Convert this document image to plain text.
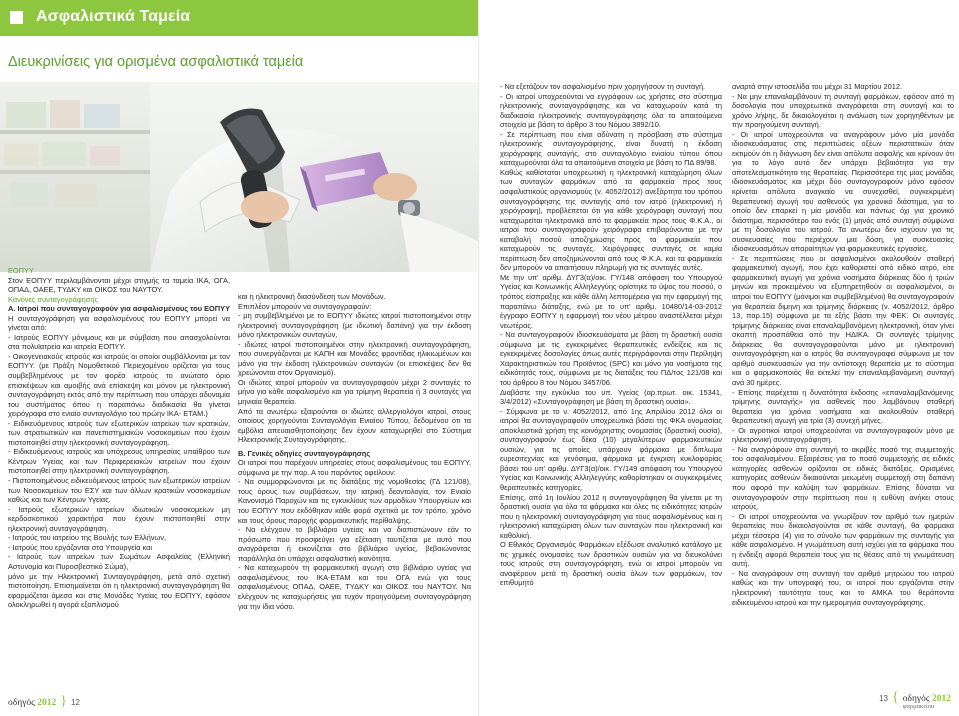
Ασφαλιστικά Ταμεία
Διευκρινίσεις για ορισμένα ασφαλιστικά ταμεία

ΕΟΠΥΥ

Στον ΕΟΠΥΥ περιλαμβάνονται μέχρι στιγμής τα ταμεία ΙΚΑ, ΟΓΑ, ΟΠΑΔ, ΟΑΕΕ, ΤΥΔΚΥ και ΟΙΚΟΣ του ΝΑΥΤΟΥ.

Κανόνες συνταγογράφησης

Α. Ιατροί που συνταγογραφούν για ασφαλισμένους του ΕΟΠΥΥ

Η συνταγογράφηση για ασφαλισμένους του ΕΟΠΥΥ μπορεί να γίνεται από:

- Ιατρούς ΕΟΠΥΥ μόνιμους και με σύμβαση που απασχολούνται στα πολυϊατρεία και ιατρεία ΕΟΠΥΥ.

- Οικογενειακούς ιατρούς και ιατρούς οι οποίοι συμβάλλονται με τον ΕΟΠΥΥ. (με Πράξη Νομοθετικού Περιεχομένου ορίζεται για τους συμβεβλημένους με τον φορέα ιατρούς το ανώτατο όριο επισκέψεων και αμοιβής ανά επίσκεψη και μόνον με ηλεκτρονική συνταγογράφηση εκτός από την περίπτωση που υπάρχει αδυναμία του συστήματος όπου η παραπάνω διαδικασία θα γίνεται χειρόγραφα στο ενιαίο συνταγολόγιο του πρώην ΙΚΑ- ΕΤΑΜ.)

- Ειδικευόμενους ιατρούς των εξωτερικών ιατρείων των κρατικών, των στρατιωτικών και πανεπιστημιακών νοσοκομείων που έχουν πιστοποιηθεί στην ηλεκτρονική συνταγογράφηση.

- Ειδικευόμενους ιατρούς και υπόχρεους υπηρεσίας υπαίθρου των Κέντρων Υγείας και των Περιφερειακών ιατρείων που έχουν πιστοποιηθεί στην ηλεκτρονική συνταγογράφηση.

- Πιστοποιημένους ειδικευόμενους ιατρούς των εξωτερικών ιατρείων των Νοσοκομείων του ΕΣΥ και των άλλων κρατικών νοσοκομείων καθώς και των Κέντρων Υγείας.

- Ιατρούς εξωτερικών ιατρείων ιδιωτικών νοσοκομείων μη κερδοσκοπικού χαρακτήρα που έχουν πιστοποιηθεί στην ηλεκτρονική συνταγογράφηση.

- Ιατρούς του ιατρείου της Βουλής των Ελλήνων,

- Ιατρούς που εργάζονται στα Υπουργεία και

- Ιατρούς των ιατρείων των Σωμάτων Ασφαλείας (Ελληνική Αστυνομία και Πυροσβεστικό Σώμα),

μόνο με την Ηλεκτρονική Συνταγογράφηση, μετά από σχετική πιστοποίηση. Επισημαίνεται ότι η ηλεκτρονική συνταγογράφηση θα εφαρμόζεται άμεσα και στις Μονάδες Υγείας του ΕΟΠΥΥ, εφόσον ολοκληρωθεί η αγορά εξοπλισμού

και η ηλεκτρονική διασύνδεση των Μονάδων.

Επιπλέον μπορούν να συνταγογραφούν:

- μη συμβεβλημένοι με το ΕΟΠΥΥ ιδιώτες ιατροί πιστοποιημένοι στην ηλεκτρονική συνταγογράφηση (με ιδιωτική δαπάνη) για την έκδοση μόνο ηλεκτρονικών συνταγών,

- ιδιώτες ιατροί πιστοποιημένοι στην ηλεκτρονική συνταγογράφηση, που συνεργάζονται με ΚΑΠΗ και Μονάδες φροντίδας ηλικιωμένων και μόνο για την έκδοση ηλεκτρονικών συνταγών (οι επισκέψεις δεν θα χρεώνονται στον Οργανισμό).

Οι ιδιώτες ιατροί μπορούν να συνταγογραφούν μέχρι 2 συνταγές το μήνα για κάθε ασφαλισμένο και για τρίμηνη θεραπεία ή 3 συνταγές για μηνιαία θεραπεία.

Από τα ανωτέρω εξαιρούνται οι ιδιώτες αλλεργιολόγοι ιατροί, στους οποίους χορηγούνται Συνταγολόγια Ενιαίου Τύπου, δεδομένου ότι τα εμβόλια απευαισθητοποίησης δεν έχουν καταχωρηθεί στο Σύστημα Ηλεκτρονικής Συνταγογράφησης.

Β. Γενικές οδηγίες συνταγογράφησης

Οι ιατροί που παρέχουν υπηρεσίες στους ασφαλισμένους του ΕΟΠΥΥ, σύμφωνα με την παρ. Α του παρόντος οφείλουν:

- Να συμμορφώνονται με τις διατάξεις της νομοθεσίας (ΓΔ 121/08), τους όρους των συμβάσεων, την ιατρική δεοντολογία, τον Ενιαίο Κανονισμό Παροχών και τις εγκυκλίους των αρμοδίων Υπουργείων και του ΕΟΠΥΥ που εκδόθηκαν κάθε φορά σχετικά με τον τρόπο, χρόνο και τους όρους παροχής φαρμακευτικής περίθαλψης.

- Να ελέγχουν το βιβλιάριο υγείας και να διαπιστώνουν εάν το πρόσωπο που προσφεύγει για εξέταση ταυτίζεται με αυτό που αναγράφεται ή εικονίζεται στο βιβλιάριο υγείας, βεβαιώνοντας παράλληλα ότι υπάρχει ασφαλιστική ικανότητα.

- Να καταχωρούν τη φαρμακευτική αγωγή στο βιβλιάριο υγείας για ασφαλισμένους του ΙΚΑ-ΕΤΑΜ και του ΟΓΑ ενώ για τους ασφαλισμένους ΟΠΑΔ, ΟΑΕΕ, ΤΥΔΚΥ και ΟΙΚΟΣ του ΝΑΥΤΟΥ. Να ελέγχουν τις καταχωρήσεις για τυχόν προηγούμενη συνταγογράφηση για την ίδια νόσο.

οδηγός 2012 } 12

- Να εξετάζουν τον ασφαλισμένο πριν χορηγήσουν τη συνταγή.

- Οι ιατροί υποχρεούνται να εγγράφουν ως χρήστες στο σύστημα ηλεκτρονικής συνταγογράφησης και να καταχωρούν κατά τη διαδικασία ηλεκτρονικής συνταγογράφησης όλα τα απαιτούμενα στοιχεία με βάση το άρθρο 3 του Νόμου 3892/10.

- Σε περίπτωση που είναι αδύνατη η πρόσβαση στο σύστημα ηλεκτρονικής συνταγογράφησης, είναι δυνατή η έκδοση χειρόγραφης συνταγής, στο συνταγολόγιο ενιαίου τύπου όπου καταχωρούνται όλα τα απαιτούμενα στοιχεία με βάση το ΠΔ 89/98.

Καθώς καθίσταται υποχρεωτική η ηλεκτρονική καταχώρηση όλων των συνταγών φαρμάκων από τα φαρμακεία προς τους ασφαλιστικούς οργανισμούς (ν. 4052/2012) ανεξάρτητα του τρόπου συνταγογράφησης της συνταγής από τον ιατρό (ηλεκτρονική ή χειρόγραφη), προβλέπεται ότι για κάθε χειρόγραφη συνταγή που καταχωρείται ηλεκτρονικά από τα φαρμακεία προς τους Φ.Κ.Α., οι ιατροί που συνταγογραφούν χειρόγραφα επιβαρύνονται με την καταβολή ποσού αποζημίωσης προς τα φαρμακεία που καταχωρούν τις συνταγές. Χειρόγραφες συνταγές σε καμία περίπτωση δεν αποζημιώνονται από τους Φ.Κ.Α. και τα φαρμακεία δεν μπορούν να απαιτήσουν πληρωμή για τις συνταγές αυτές.

Με την υπ' αριθμ. ΔΥΓ3(α)/οικ. ΓΥ/148 απόφαση του Υπουργού Υγείας και Κοινωνικής Αλληλεγγύης ορίστηκε το ύψος του ποσού, ο τρόπος είσπραξης και κάθε άλλη λεπτομέρεια για την εφαρμογή της παραπάνω διάταξης, ενώ με το υπ' αριθμ. 10480/14-03-2012 έγγραφο ΕΟΠΥΥ η εφαρμογή του νέου μέτρου αναστέλλεται μέχρι νεωτέρας.

- Να συνταγογραφούν ιδιοσκευάσματα με βάση τη δραστική ουσία σύμφωνα με τις εγκεκριμένες θεραπευτικές ενδείξεις και τις εγκεκριμένες δοσολογίες όπως αυτές περιγράφονται στην Περίληψη Χαρακτηριστικών του Προϊόντος (SPC) και μόνο για νοσήματα της ειδικότητάς τους, σύμφωνα με τις διατάξεις του ΠΔ/τος 121/08 και του άρθρου 8 του Νόμου 3457/06.

Διαβάστε την εγκύκλιο του υπ. Υγείας (αρ.πρωτ. οικ. 15341, 3/4/2012) «Συνταγογράφηση με βάση τη δραστική ουσία».

- Σύμφωνα με το ν. 4052/2012, από 1ης Απριλίου 2012 όλοι οι ιατροί θα συνταγογραφούν υποχρεωτικά βάσει της ΦΚΑ ονομασίας αποκλειστικά χρήση της κοινόχρηστης ονομασίας (δραστική ουσία), συνταγογραφούν έως δέκα (10) μεγαλύτερων φαρμακευτικών ουσιών, για τις οποίες υπάρχουν φάρμακα με διπλωμα ευρεσιτεχνίας και γενόσημα, φάρμακα με έγκριση κυκλοφορίας βάσει του υπ' αριθμ. ΔΥΓ3(α)/οικ. ΓΥ/149 απόφαση του Υπουργού Υγείας και Κοινωνικής Αλληλεγγύης καθορίστηκαν οι συγκεκριμένες θεραπευτικές κατηγορίες.

Επίσης, από 1η Ιουλίου 2012 η συνταγογράφηση θα γίνεται με τη δραστική ουσία για όλα τα φάρμακα και όλες τις ειδικότητες ιατρών που η ηλεκτρονική συνταγογράφηση για τους ασφαλισμένους και η ηλεκτρονική καταχώριση όλων των συνταγών που ηλεκτρονική και καθολική.

Ο Εθνικός Οργανισμός Φαρμάκων εξέδωσε αναλυτικό κατάλογο με τις χημικές ονομασίες των δραστικών ουσιών για να διευκολύνει τους ιατρούς στη συνταγογράφηση, ενώ οι ιατροί μπορούν να αναφέρουν μετά τη δραστική ουσία όλων των φαρμάκων, τον επιθυμητό

αναρτά στην ιστοσελίδα του μέχρι 31 Μαρτίου 2012.

- Να μην επαναλαμβάνουν τη συνταγή φαρμάκων, εφόσον από τη δοσολογία που υποχρεωτικά αναγράφεται στη συνταγή και το χρόνο λήψης, δε δικαιολογείται η ανάλωση των χορηγηθέντων με την προηγούμενη συνταγή.

- Οι ιατροί υποχρεούνται να αναγράφουν μόνο μία μονάδα ιδιοσκευάσματος στις περιπτώσεις οξέων περιστατικών όταν εκτιμούν ότι η διάγνωση δεν είναι απόλυτα ασφαλής και κρίνουν ότι για το λόγο αυτό δεν υπάρχει βεβαιότητα για την αποτελεσματικότητα της θεραπείας. Περισσότερα της μίας μονάδας ιδιοσκευάσματος και μέχρι δύο συνταγογραφούν μόνο εφόσον κρίνεται απόλυτα αναγκαίο να συνεχισθεί, συγκεκριμένη θεραπευτική αγωγή του ασθενούς για χρονικό διάστημα, για το οποίο δεν επαρκεί η μία μονάδα και πάντως όχι για χρονικό διάστημα, περισσότερο του ενός (1) μηνός από συνταγή σύμφωνα με τη δοσολογία του ιατρού. Τα ανωτέρω δεν ισχύουν για τις συσκευασίες που περιέχουν μια δόση, για συσκευασίες ιδιοσκευασμάτων απαραίτητων για φαρμακευτικές εργασίες.

- Σε περιπτώσεις που οι ασφαλισμένοι ακολουθούν σταθερή φαρμακευτική αγωγή, που έχει καθοριστεί από ειδικό ιατρό, είτε φαρμακευτική αγωγή για χρόνια νοσήματα διάρκειας δύο ή τριών μηνών και προκειμένου να εξυπηρετηθούν οι ασφαλισμένοι, οι ιατροί του ΕΟΠΥΥ (μόνιμοι και συμβεβλημένοι) θα συνταγογραφούν για θεραπεία διμηνη και τρίμηνης διάρκειας (ν. 4052/2012, άρθρο 13, παρ.15) σύμφωνα με τα εξής βάσει την ΦΕΚ. Οι συνταγές τρίμηνης διάρκειας είναι επαναλαμβανόμενη ηλεκτρονική, όταν γίνει σκαπτή προσπάθεια από την ΗΔΙΚΑ. Οι συνταγές τρίμηνης διάρκειας θα συνταγογραφούνται μόνο με ηλεκτρονική συνταγογράφηση και ο ιατρός θα συνταγογραφεί σύμφωνα με τον αριθμό συσκευασιών για την αντίστοιχη θεραπεία με το σύστημα και ο φαρμακοποιός θα εκτελεί την επαναλαμβανόμενη συνταγή ανά 30 ημέρες.

- Επίσης παρέχεται η δυνατότητα έκδοσης «επαναλαμβανόμενης τρίμηνης συνταγής» για ασθενείς που λαμβάνουν σταθερή θεραπεία για χρόνια νοσήματα και ακολουθούν σταθερή θεραπευτική αγωγή για τρία (3) συνεχή μήνες.

- Οι αγροτικοί ιατροί υποχρεούνται να συνταγογραφούν μόνο με ηλεκτρονική συνταγογράφηση.

- Να αναγράφουν στη συνταγή το ακριβές ποσό της συμμετοχής του ασφαλισμένου. Εξαιρέσεις για το ποσό συμμετοχής σε ειδικές κατηγορίες ασθενών ορίζονται σε ειδικές διατάξεις. Ορισμένες κατηγορίες ασθενών δικαιούνται μειωμένη συμμετοχή στη δαπάνη που αφορά την καλύψη των φαρμάκων. Επίσης δύναται να συνταγογραφούν στην περίπτωση που η ευθύνη ανήκει στους ιατρούς.

- Οι ιατροί υποχρεούνται να γνωρίζουν τον αριθμό των ημερών θεραπείας που δικαιολογούνται σε κάθε συνταγή, θα φαρμακα μέχρι τέσσερα (4) για το σύνολο των φαρμάκων της συνταγής για κάθε ασφαλισμένο. Η γνωμάτευση αυτή ισχύει για τα φάρμακα που η ένδειξη αφορά θεραπεία τους για τις θέσεις από τη γνωμάτευση αυτή.

- Να αναγράφουν στη συνταγή τον αριθμό μητρώου του ιατρού καθώς και την υπογραφή του, οι ιατροί που εργάζονται στην ηλεκτρονική ταυτότητα τους και το ΑΜΚΑ του θεράποντα ειδικευμένου ιατρού και την ημερομηνία συνταγογράφησης.

13 { οδηγός 2012
φαρμακείου
